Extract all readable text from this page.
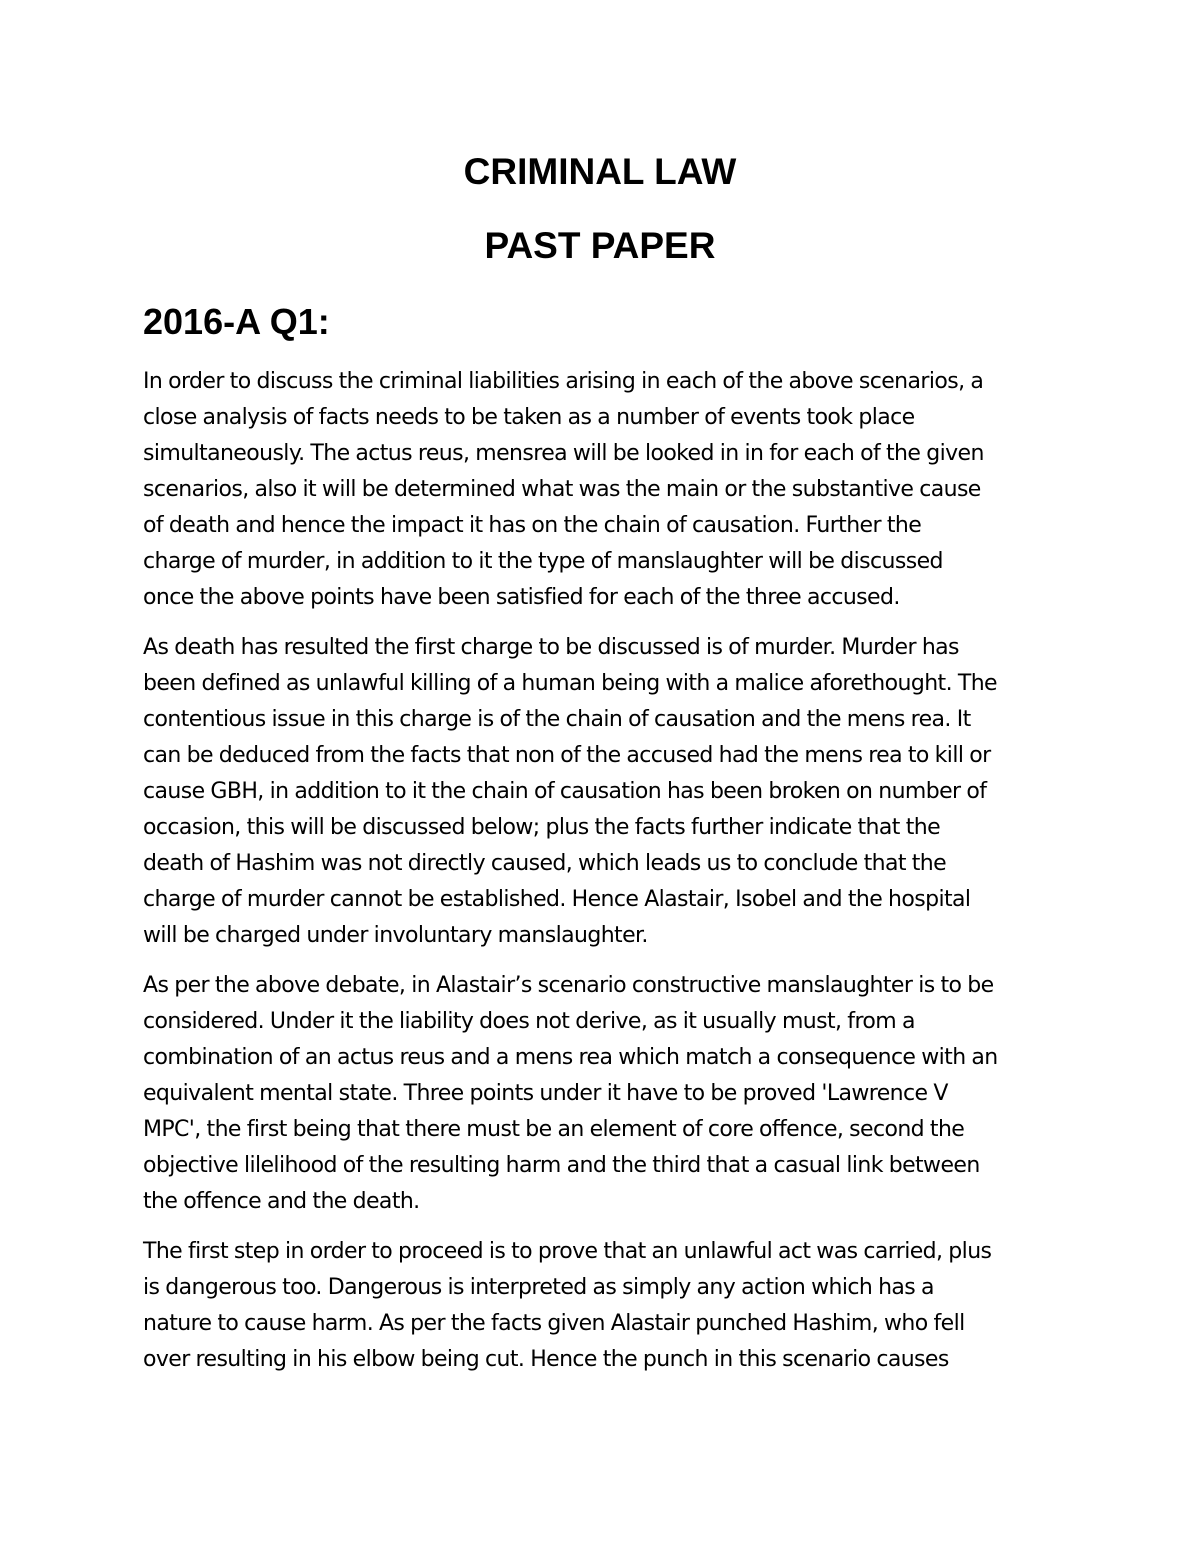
CRIMINAL LAW
PAST PAPER
2016-A Q1:

In order to discuss the criminal liabilities arising in each of the above scenarios, a
close analysis of facts needs to be taken as a number of events took place
simultaneously. The actus reus, mensrea will be looked in in for each of the given
scenarios, also it will be determined what was the main or the substantive cause
of death and hence the impact it has on the chain of causation. Further the
charge of murder, in addition to it the type of manslaughter will be discussed
once the above points have been satisfied for each of the three accused.

As death has resulted the first charge to be discussed is of murder. Murder has
been defined as unlawful killing of a human being with a malice aforethought. The
contentious issue in this charge is of the chain of causation and the mens rea. It
can be deduced from the facts that non of the accused had the mens rea to kill or
cause GBH, in addition to it the chain of causation has been broken on number of
occasion, this will be discussed below; plus the facts further indicate that the
death of Hashim was not directly caused, which leads us to conclude that the
charge of murder cannot be established. Hence Alastair, Isobel and the hospital
will be charged under involuntary manslaughter.

As per the above debate, in Alastair’s scenario constructive manslaughter is to be
considered. Under it the liability does not derive, as it usually must, from a
combination of an actus reus and a mens rea which match a consequence with an
equivalent mental state. Three points under it have to be proved 'Lawrence V
MPC', the first being that there must be an element of core offence, second the
objective lilelihood of the resulting harm and the third that a casual link between
the offence and the death.

The first step in order to proceed is to prove that an unlawful act was carried, plus
is dangerous too. Dangerous is interpreted as simply any action which has a
nature to cause harm. As per the facts given Alastair punched Hashim, who fell
over resulting in his elbow being cut. Hence the punch in this scenario causes
